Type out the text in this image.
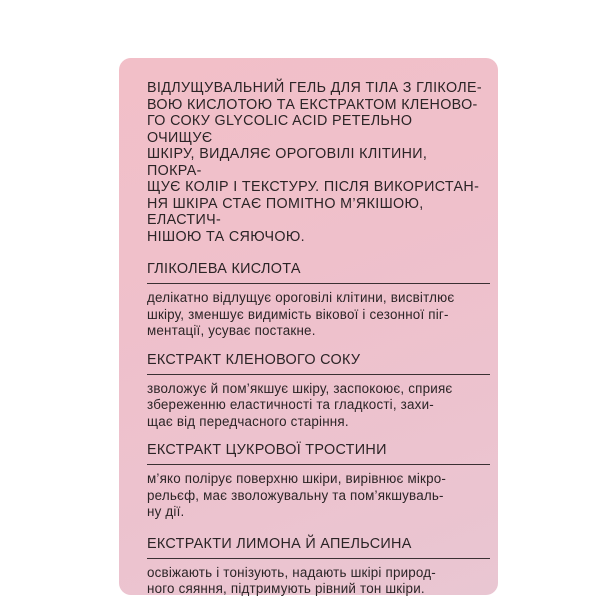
ВІДЛУЩУВАЛЬНИЙ ГЕЛЬ ДЛЯ ТІЛА З ГЛІКОЛЕ-
ВОЮ КИСЛОТОЮ ТА ЕКСТРАКТОМ КЛЕНОВО-
ГО СОКУ GLYCOLIC ACID РЕТЕЛЬНО ОЧИЩУЄ
ШКІРУ, ВИДАЛЯЄ ОРОГОВІЛІ КЛІТИНИ, ПОКРА-
ЩУЄ КОЛІР І ТЕКСТУРУ. ПІСЛЯ ВИКОРИСТАН-
НЯ ШКІРА СТАЄ ПОМІТНО М’ЯКІШОЮ, ЕЛАСТИЧ-
НІШОЮ ТА СЯЮЧОЮ.

ГЛІКОЛЕВА КИСЛОТА

делікатно відлущує ороговілі клітини, висвітлює
шкіру, зменшує видимість вікової і сезонної піг-
ментації, усуває постакне.

ЕКСТРАКТ КЛЕНОВОГО СОКУ

зволожує й пом’якшує шкіру, заспокоює, сприяє
збереженню еластичності та гладкості, захи-
щає від передчасного старіння.

ЕКСТРАКТ ЦУКРОВОЇ ТРОСТИНИ

м’яко полірує поверхню шкіри, вирівнює мікро-
рельєф, має зволожувальну та пом’якшуваль-
ну дії.

ЕКСТРАКТИ ЛИМОНА Й АПЕЛЬСИНА

освіжають і тонізують, надають шкірі природ-
ного сяяння, підтримують рівний тон шкіри.
